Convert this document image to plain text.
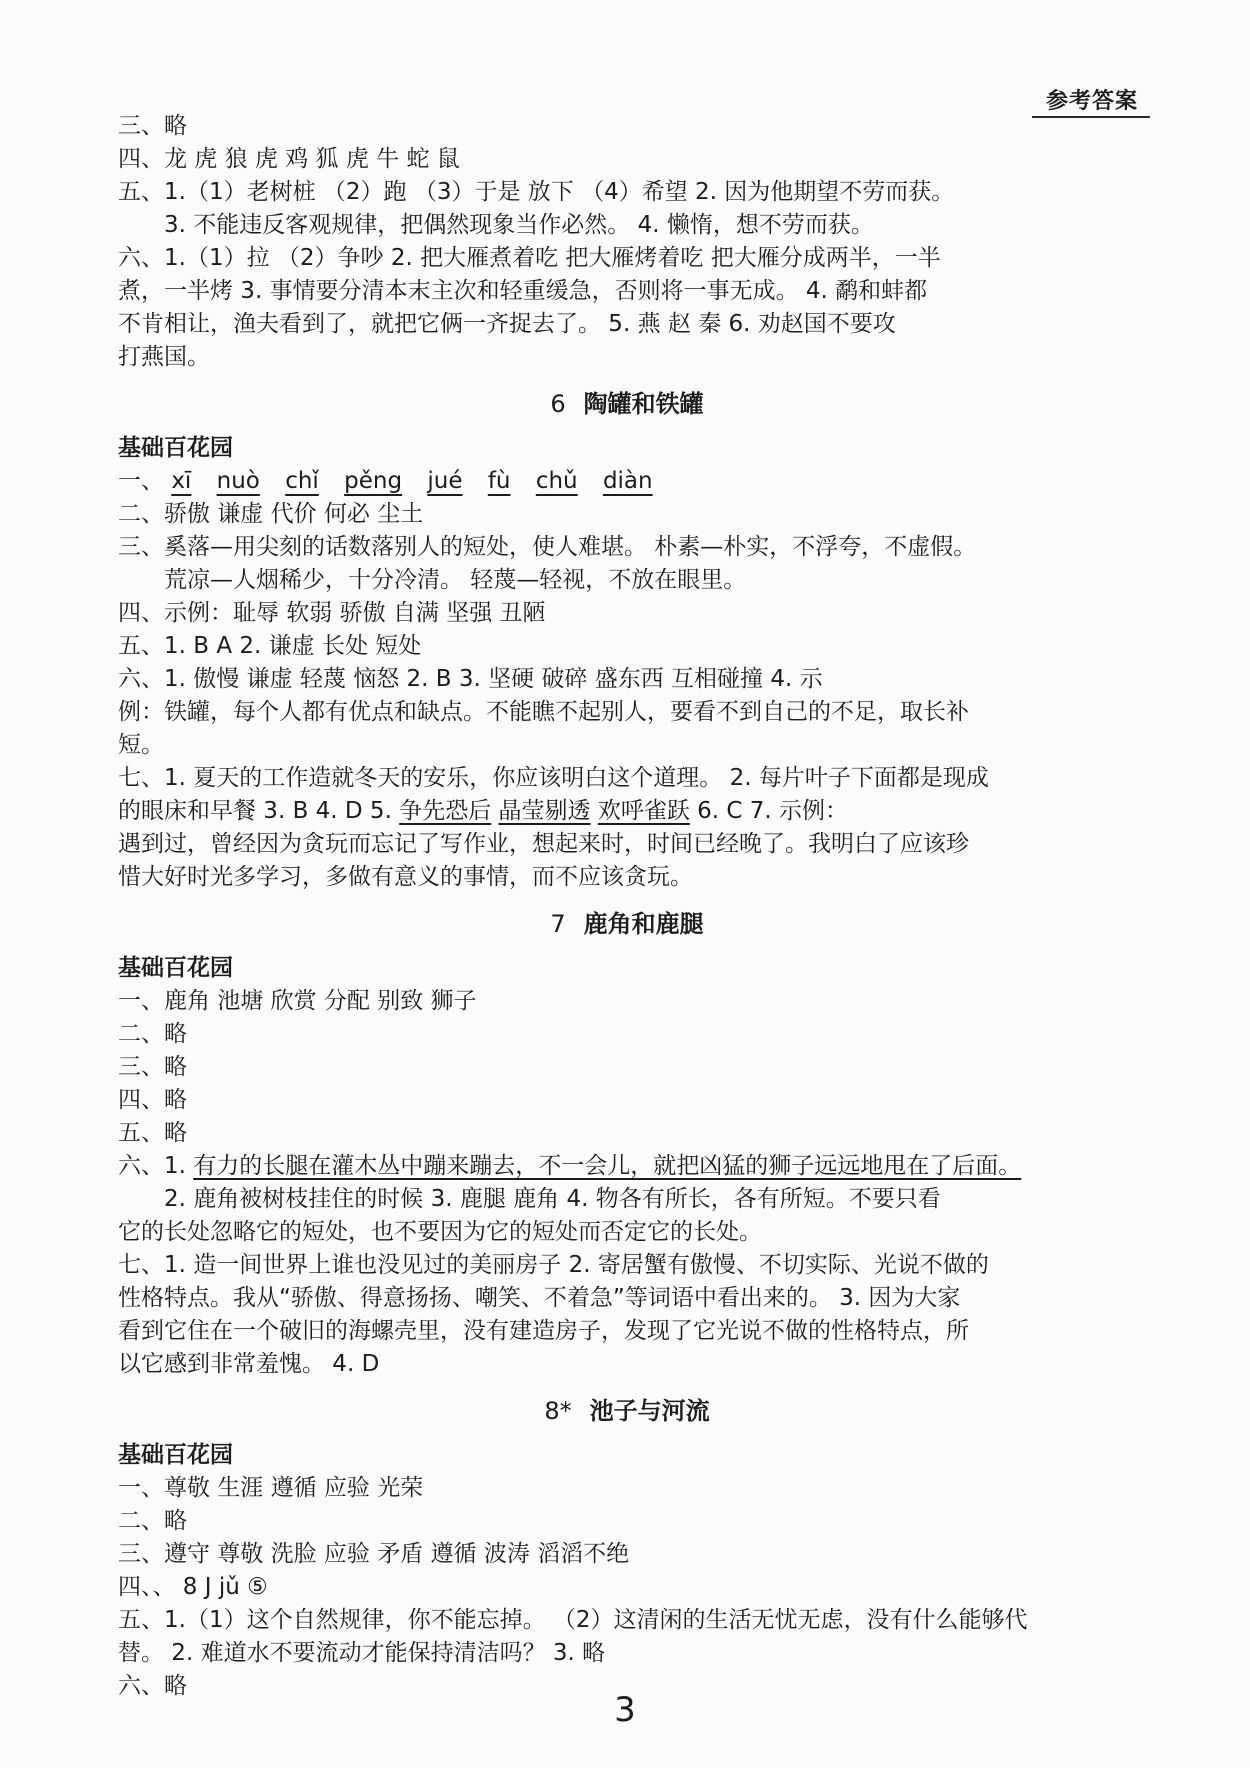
参考答案
三、略
四、龙 虎 狼 虎 鸡 狐 虎 牛 蛇 鼠
五、1.（1）老树桩 （2）跑 （3）于是 放下 （4）希望 2. 因为他期望不劳而获。
3. 不能违反客观规律，把偶然现象当作必然。 4. 懒惰，想不劳而获。
六、1.（1）拉 （2）争吵 2. 把大雁煮着吃 把大雁烤着吃 把大雁分成两半，一半
煮，一半烤 3. 事情要分清本末主次和轻重缓急，否则将一事无成。 4. 鹬和蚌都
不肯相让，渔夫看到了，就把它俩一齐捉去了。 5. 燕 赵 秦 6. 劝赵国不要攻
打燕国。
6 陶罐和铁罐
基础百花园
一、 xī nuò chǐ pěng jué fù chǔ diàn
二、骄傲 谦虚 代价 何必 尘土
三、奚落—用尖刻的话数落别人的短处，使人难堪。 朴素—朴实，不浮夸，不虚假。
荒凉—人烟稀少，十分冷清。 轻蔑—轻视，不放在眼里。
四、示例：耻辱 软弱 骄傲 自满 坚强 丑陋
五、1. B A 2. 谦虚 长处 短处
六、1. 傲慢 谦虚 轻蔑 恼怒 2. B 3. 坚硬 破碎 盛东西 互相碰撞 4. 示
例：铁罐，每个人都有优点和缺点。不能瞧不起别人，要看不到自己的不足，取长补
短。
七、1. 夏天的工作造就冬天的安乐，你应该明白这个道理。 2. 每片叶子下面都是现成
的眼床和早餐 3. B 4. D 5. 争先恐后 晶莹剔透 欢呼雀跃 6. C 7. 示例：
遇到过，曾经因为贪玩而忘记了写作业，想起来时，时间已经晚了。我明白了应该珍
惜大好时光多学习，多做有意义的事情，而不应该贪玩。
7 鹿角和鹿腿
基础百花园
一、鹿角 池塘 欣赏 分配 别致 狮子
二、略
三、略
四、略
五、略
六、1. 有力的长腿在灌木丛中蹦来蹦去，不一会儿，就把凶猛的狮子远远地甩在了后面。
2. 鹿角被树枝挂住的时候 3. 鹿腿 鹿角 4. 物各有所长，各有所短。不要只看
它的长处忽略它的短处，也不要因为它的短处而否定它的长处。
七、1. 造一间世界上谁也没见过的美丽房子 2. 寄居蟹有傲慢、不切实际、光说不做的
性格特点。我从“骄傲、得意扬扬、嘲笑、不着急”等词语中看出来的。 3. 因为大家
看到它住在一个破旧的海螺壳里，没有建造房子，发现了它光说不做的性格特点，所
以它感到非常羞愧。 4. D
8* 池子与河流
基础百花园
一、尊敬 生涯 遵循 应验 光荣
二、略
三、遵守 尊敬 洗脸 应验 矛盾 遵循 波涛 滔滔不绝
四、、 8 J jǔ ⑤
五、1.（1）这个自然规律，你不能忘掉。 （2）这清闲的生活无忧无虑，没有什么能够代
替。 2. 难道水不要流动才能保持清洁吗？ 3. 略
六、略
3
